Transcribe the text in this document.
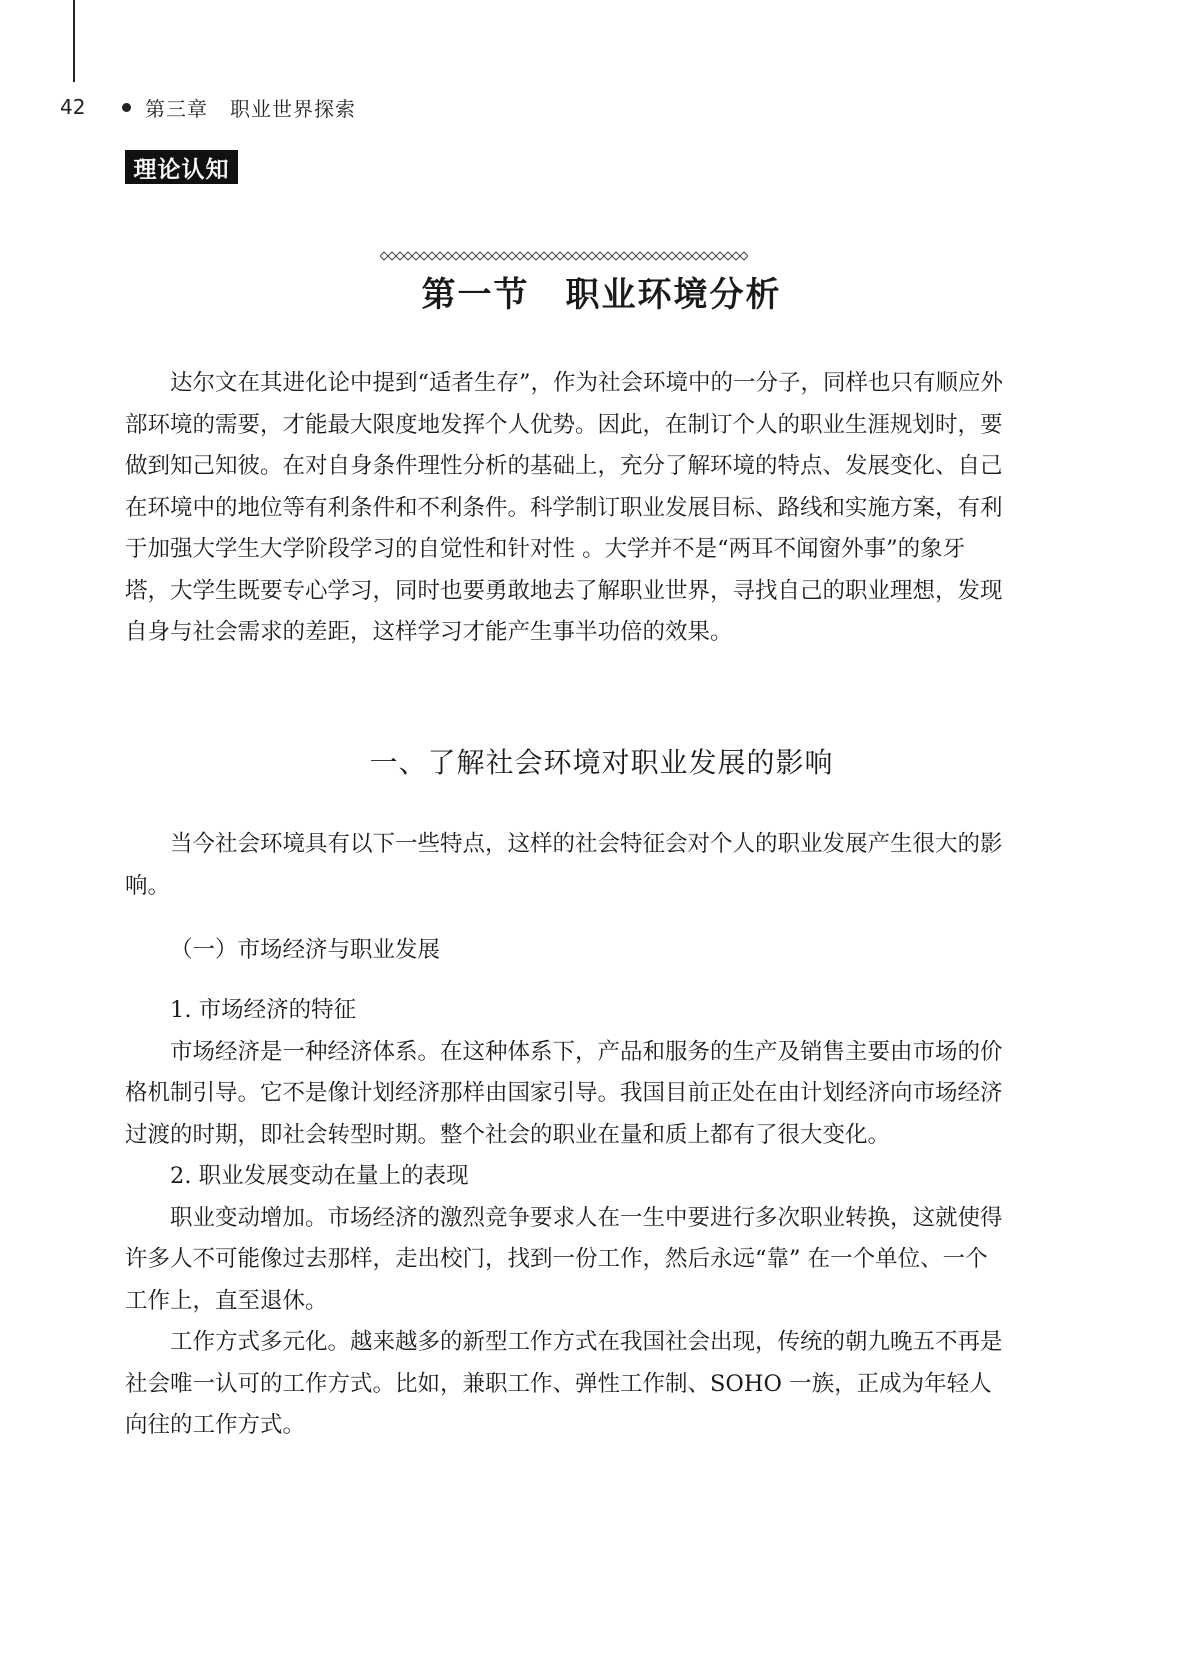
42	第三章 职业世界探索
理论认知
第一节　职业环境分析

达尔文在其进化论中提到“适者生存”，作为社会环境中的一分子，同样也只有顺应外部环境的需要，才能最大限度地发挥个人优势。因此，在制订个人的职业生涯规划时，要做到知己知彼。在对自身条件理性分析的基础上，充分了解环境的特点、发展变化、自己在环境中的地位等有利条件和不利条件。科学制订职业发展目标、路线和实施方案，有利于加强大学生大学阶段学习的自觉性和针对性 。大学并不是“两耳不闻窗外事”的象牙塔，大学生既要专心学习，同时也要勇敢地去了解职业世界，寻找自己的职业理想，发现自身与社会需求的差距，这样学习才能产生事半功倍的效果。

一、了解社会环境对职业发展的影响

当今社会环境具有以下一些特点，这样的社会特征会对个人的职业发展产生很大的影响。

（一）市场经济与职业发展

1. 市场经济的特征

市场经济是一种经济体系。在这种体系下，产品和服务的生产及销售主要由市场的价格机制引导。它不是像计划经济那样由国家引导。我国目前正处在由计划经济向市场经济过渡的时期，即社会转型时期。整个社会的职业在量和质上都有了很大变化。

2. 职业发展变动在量上的表现

职业变动增加。市场经济的激烈竞争要求人在一生中要进行多次职业转换，这就使得许多人不可能像过去那样，走出校门，找到一份工作，然后永远“靠” 在一个单位、一个工作上，直至退休。

工作方式多元化。越来越多的新型工作方式在我国社会出现，传统的朝九晚五不再是社会唯一认可的工作方式。比如，兼职工作、弹性工作制、SOHO 一族，正成为年轻人向往的工作方式。
